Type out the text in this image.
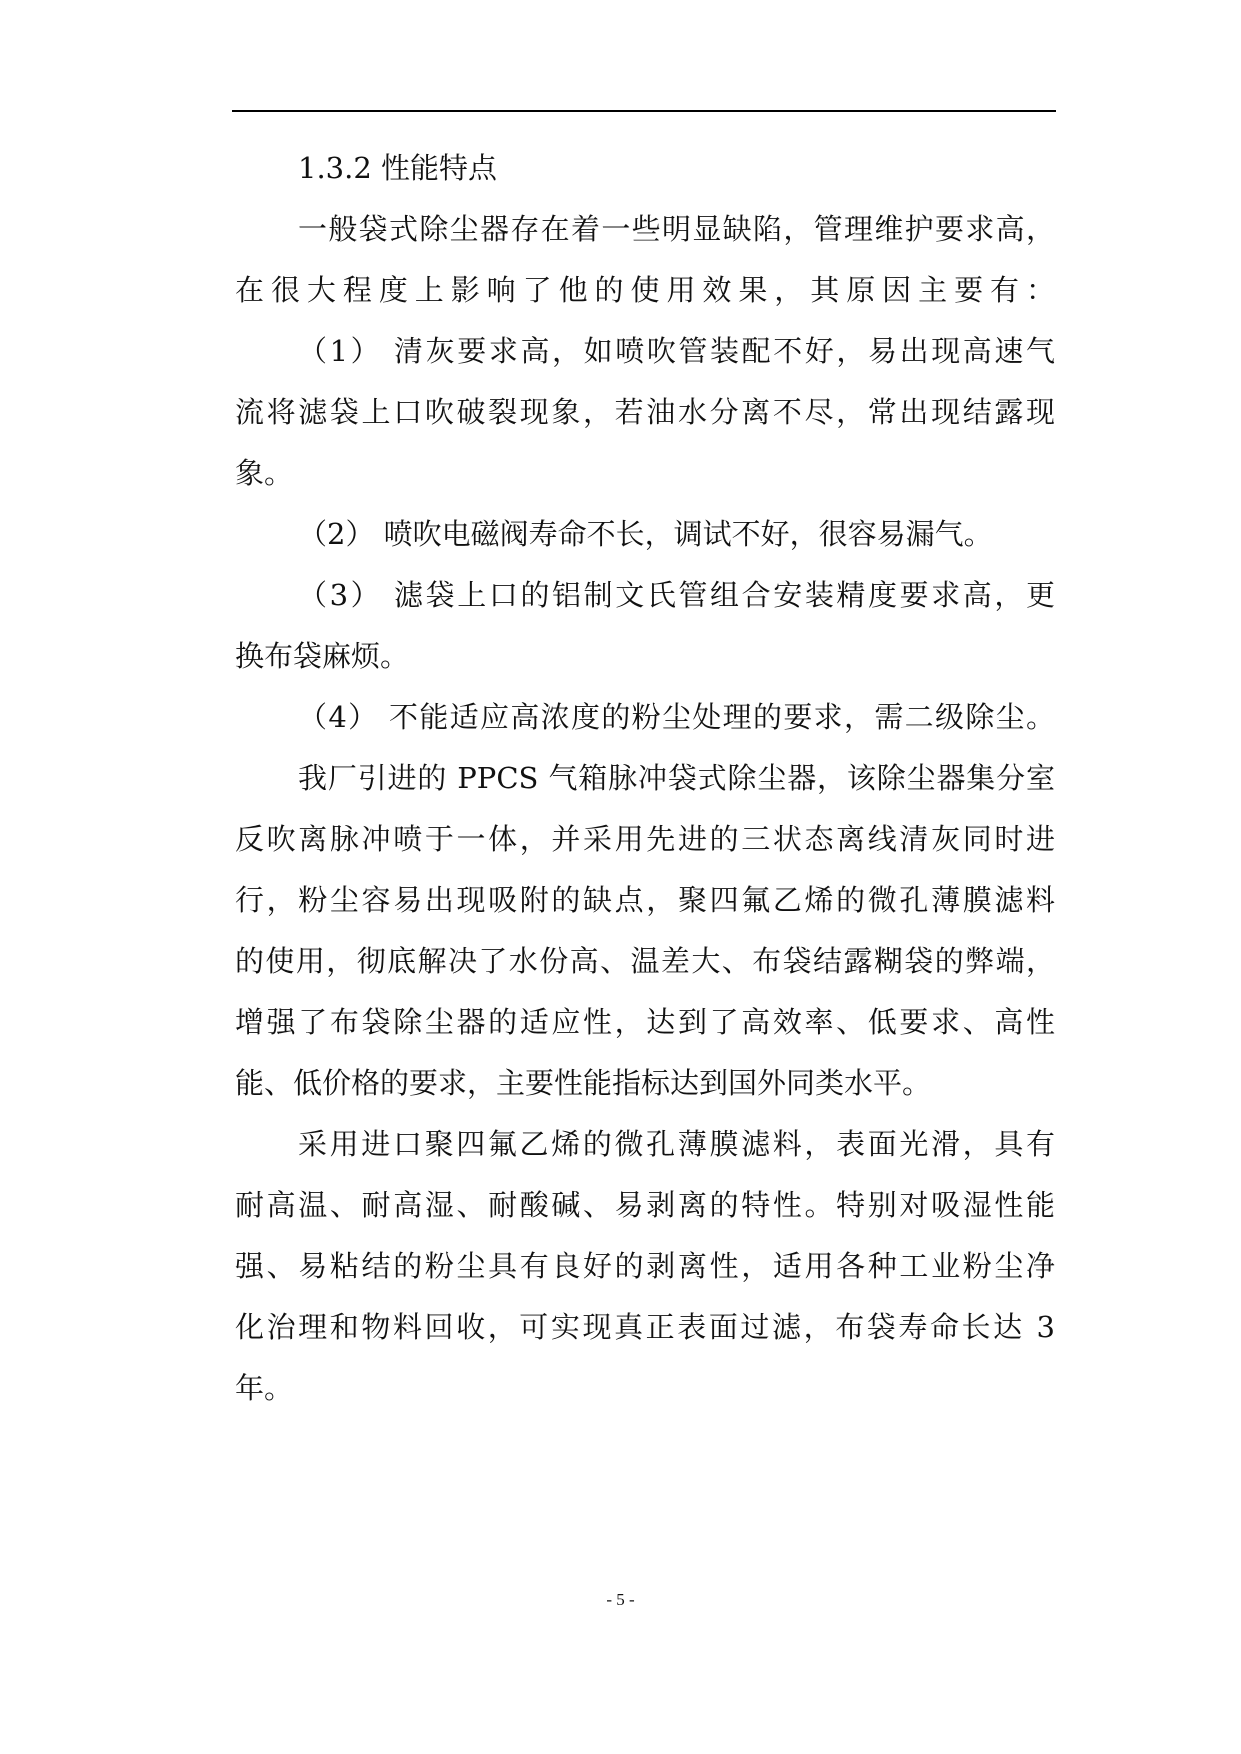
1.3.2 性能特点
一般袋式除尘器存在着一些明显缺陷，管理维护要求高，
在很大程度上影响了他的使用效果，其原因主要有：
（1） 清灰要求高，如喷吹管装配不好，易出现高速气
流将滤袋上口吹破裂现象，若油水分离不尽，常出现结露现
象。
（2） 喷吹电磁阀寿命不长，调试不好，很容易漏气。
（3） 滤袋上口的铝制文氏管组合安装精度要求高，更
换布袋麻烦。
（4） 不能适应高浓度的粉尘处理的要求，需二级除尘。
我厂引进的 PPCS 气箱脉冲袋式除尘器，该除尘器集分室
反吹离脉冲喷于一体，并采用先进的三状态离线清灰同时进
行，粉尘容易出现吸附的缺点，聚四氟乙烯的微孔薄膜滤料
的使用，彻底解决了水份高、温差大、布袋结露糊袋的弊端，
增强了布袋除尘器的适应性，达到了高效率、低要求、高性
能、低价格的要求，主要性能指标达到国外同类水平。
采用进口聚四氟乙烯的微孔薄膜滤料，表面光滑，具有
耐高温、耐高湿、耐酸碱、易剥离的特性。特别对吸湿性能
强、易粘结的粉尘具有良好的剥离性，适用各种工业粉尘净
化治理和物料回收，可实现真正表面过滤，布袋寿命长达 3
年。
- 5 -
